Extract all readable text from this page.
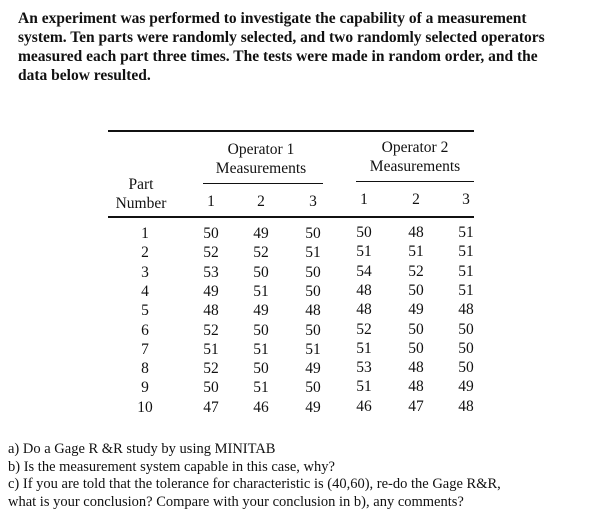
An experiment was performed to investigate the capability of a measurement
system. Ten parts were randomly selected, and two randomly selected operators
measured each part three times. The tests were made in random order, and the
data below resulted.
Operator 1
Measurements
Operator 2
Measurements
Part
Number	1	2	3	1	2	3
1	50 49 50 50 48 51
2	52 52 51 51 51 51
3	53 50 50 54 52 51
4	49 51 50 48 50 51
5	48 49 48 48 49 48
6	52 50 50 52 50 50
7	51 51 51 51 50 50
8	52 50 49 53 48 50
9	50 51 50 51 48 49
10	47 46 49 46 47 48
a) Do a Gage R &R study by using MINITAB
b) Is the measurement system capable in this case, why?
c) If you are told that the tolerance for characteristic is (40,60), re-do the Gage R&R,
what is your conclusion? Compare with your conclusion in b), any comments?
